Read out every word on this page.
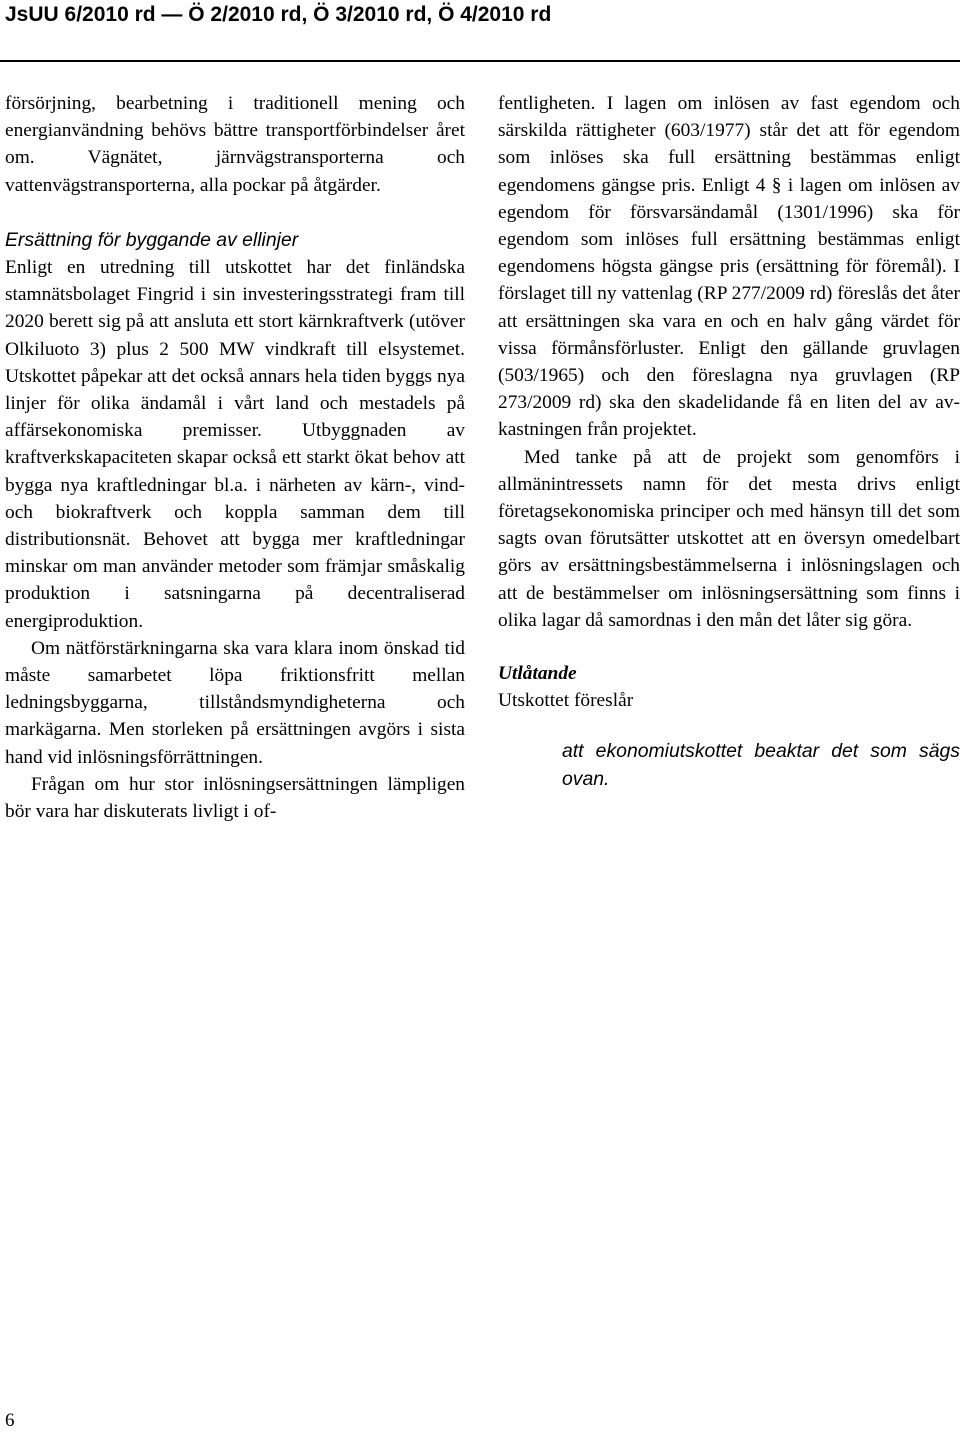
JsUU 6/2010 rd — Ö 2/2010 rd, Ö 3/2010 rd, Ö 4/2010 rd

försörjning, bearbetning i traditionell mening och energianvändning behövs bättre transportförbindelser året om. Vägnätet, järnvägstransporterna och vattenvägstransporterna, alla pockar på åtgärder.

Ersättning för byggande av ellinjer

Enligt en utredning till utskottet har det finländska stamnätsbolaget Fingrid i sin investeringsstrategi fram till 2020 berett sig på att ansluta ett stort kärnkraftverk (utöver Olkiluoto 3) plus 2 500 MW vindkraft till elsystemet. Utskottet påpekar att det också annars hela tiden byggs nya linjer för olika ändamål i vårt land och mestadels på affärsekonomiska premisser. Utbyggnaden av kraftverkskapaciteten skapar också ett starkt ökat behov att bygga nya kraftledningar bl.a. i närheten av kärn-, vind- och biokraftverk och koppla samman dem till distributionsnät. Behovet att bygga mer kraftledningar minskar om man använder metoder som främjar småskalig produktion i satsningarna på decentraliserad energiproduktion.

Om nätförstärkningarna ska vara klara inom önskad tid måste samarbetet löpa friktionsfritt mellan ledningsbyggarna, tillståndsmyndigheterna och markägarna. Men storleken på ersättningen avgörs i sista hand vid inlösningsförrättningen.

Frågan om hur stor inlösningsersättningen lämpligen bör vara har diskuterats livligt i of-

fentligheten. I lagen om inlösen av fast egendom och särskilda rättigheter (603/1977) står det att för egendom som inlöses ska full ersättning bestämmas enligt egendomens gängse pris. Enligt 4 § i lagen om inlösen av egendom för försvarsändamål (1301/1996) ska för egendom som inlöses full ersättning bestämmas enligt egendomens högsta gängse pris (ersättning för föremål). I förslaget till ny vattenlag (RP 277/2009 rd) föreslås det åter att ersättningen ska vara en och en halv gång värdet för vissa förmånsförluster. Enligt den gällande gruvlagen (503/1965) och den föreslagna nya gruvlagen (RP 273/2009 rd) ska den skadelidande få en liten del av avkastningen från projektet.

Med tanke på att de projekt som genomförs i allmänintressets namn för det mesta drivs enligt företagsekonomiska principer och med hänsyn till det som sagts ovan förutsätter utskottet att en översyn omedelbart görs av ersättningsbestämmelserna i inlösningslagen och att de bestämmelser om inlösningsersättning som finns i olika lagar då samordnas i den mån det låter sig göra.

Utlåtande

Utskottet föreslår

att ekonomiutskottet beaktar det som sägs ovan.

6
